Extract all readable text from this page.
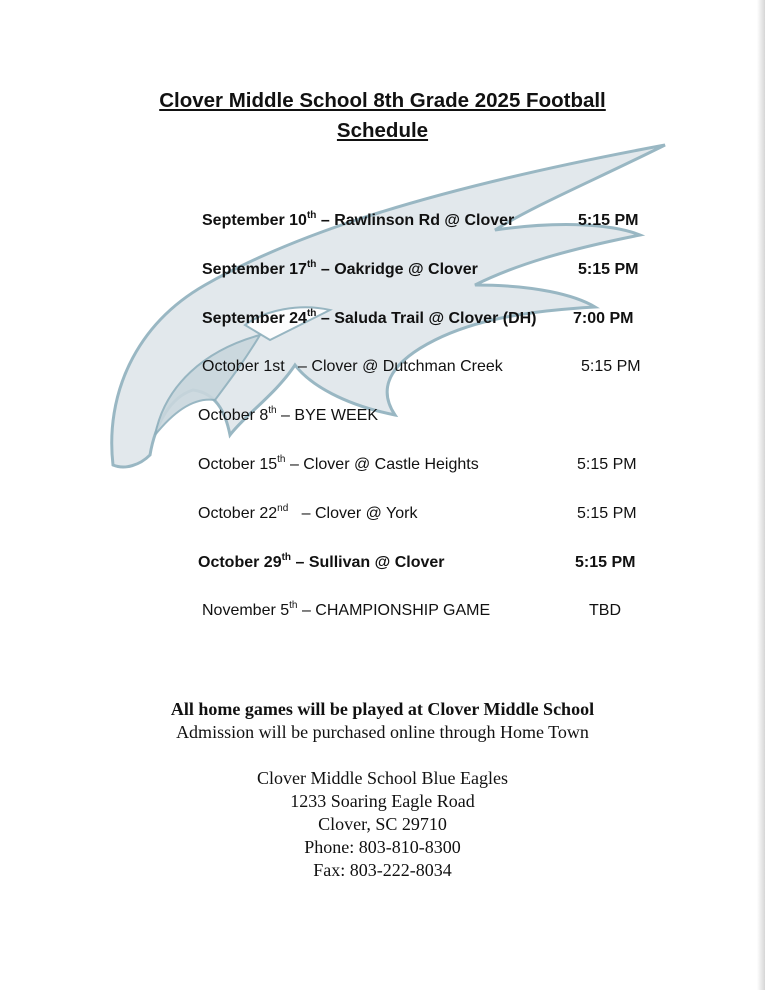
Clover Middle School 8th Grade 2025 Football
Schedule
September 10th – Rawlinson Rd @ Clover	5:15 PM
September 17th – Oakridge @ Clover	5:15 PM
September 24th – Saluda Trail @ Clover (DH) 7:00 PM
October 1st   – Clover @ Dutchman Creek	5:15 PM
October 8th – BYE WEEK
October 15th – Clover @ Castle Heights	5:15 PM
October 22nd   – Clover @ York	5:15 PM
October 29th – Sullivan @ Clover	5:15 PM
November 5th – CHAMPIONSHIP GAME	TBD
All home games will be played at Clover Middle School
Admission will be purchased online through Home Town
Clover Middle School Blue Eagles
1233 Soaring Eagle Road
Clover, SC 29710
Phone: 803-810-8300
Fax: 803-222-8034
